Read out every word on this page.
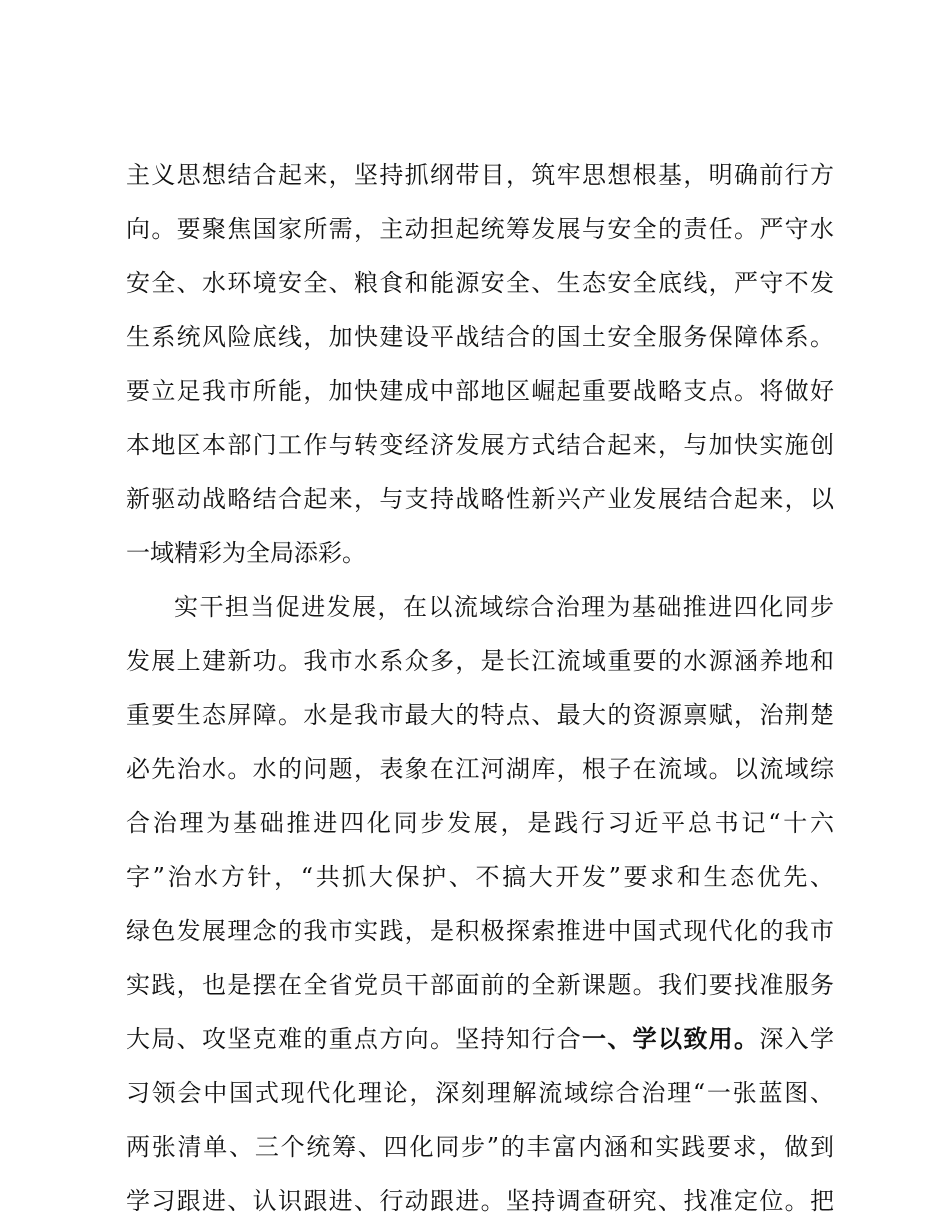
主义思想结合起来，坚持抓纲带目，筑牢思想根基，明确前行方
向。要聚焦国家所需，主动担起统筹发展与安全的责任。严守水
安全、水环境安全、粮食和能源安全、生态安全底线，严守不发
生系统风险底线，加快建设平战结合的国土安全服务保障体系。
要立足我市所能，加快建成中部地区崛起重要战略支点。将做好
本地区本部门工作与转变经济发展方式结合起来，与加快实施创
新驱动战略结合起来，与支持战略性新兴产业发展结合起来，以
一域精彩为全局添彩。
实干担当促进发展，在以流域综合治理为基础推进四化同步
发展上建新功。我市水系众多，是长江流域重要的水源涵养地和
重要生态屏障。水是我市最大的特点、最大的资源禀赋，治荆楚
必先治水。水的问题，表象在江河湖库，根子在流域。以流域综
合治理为基础推进四化同步发展，是践行习近平总书记“十六
字”治水方针，“共抓大保护、不搞大开发”要求和生态优先、
绿色发展理念的我市实践，是积极探索推进中国式现代化的我市
实践，也是摆在全省党员干部面前的全新课题。我们要找准服务
大局、攻坚克难的重点方向。坚持知行合一、学以致用。深入学
习领会中国式现代化理论，深刻理解流域综合治理“一张蓝图、
两张清单、三个统筹、四化同步”的丰富内涵和实践要求，做到
学习跟进、认识跟进、行动跟进。坚持调查研究、找准定位。把
